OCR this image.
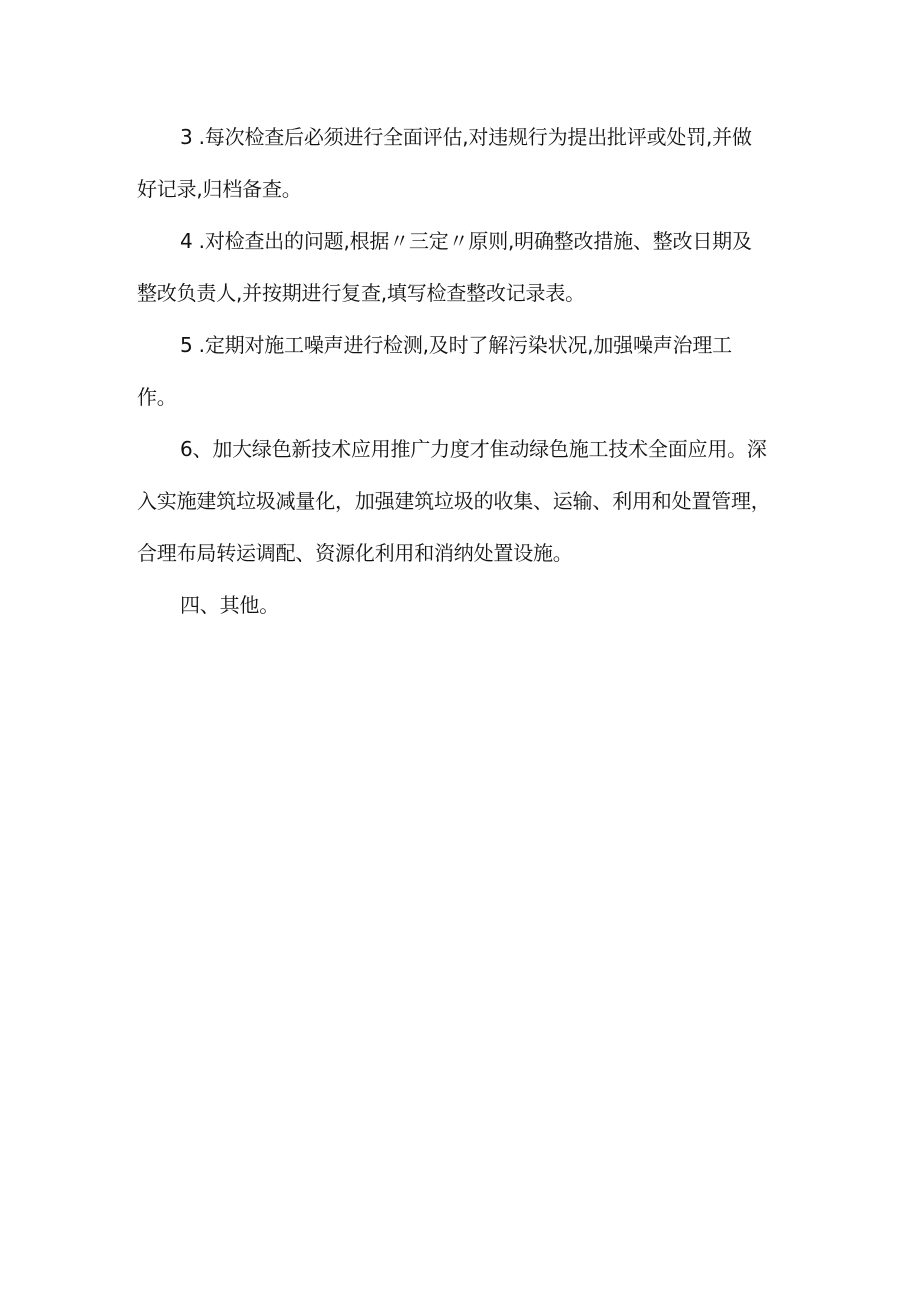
3 .每次检查后必须进行全面评估,对违规行为提出批评或处罚,并做
好记录,归档备查。

4 .对检查出的问题,根据〃三定〃原则,明确整改措施、整改日期及
整改负责人,并按期进行复查,填写检查整改记录表。

5 .定期对施工噪声进行检测,及时了解污染状况,加强噪声治理工
作。

6、加大绿色新技术应用推广力度才隹动绿色施工技术全面应用。深
入实施建筑垃圾减量化，加强建筑垃圾的收集、运输、利用和处置管理，
合理布局转运调配、资源化利用和消纳处置设施。

四、其他。
